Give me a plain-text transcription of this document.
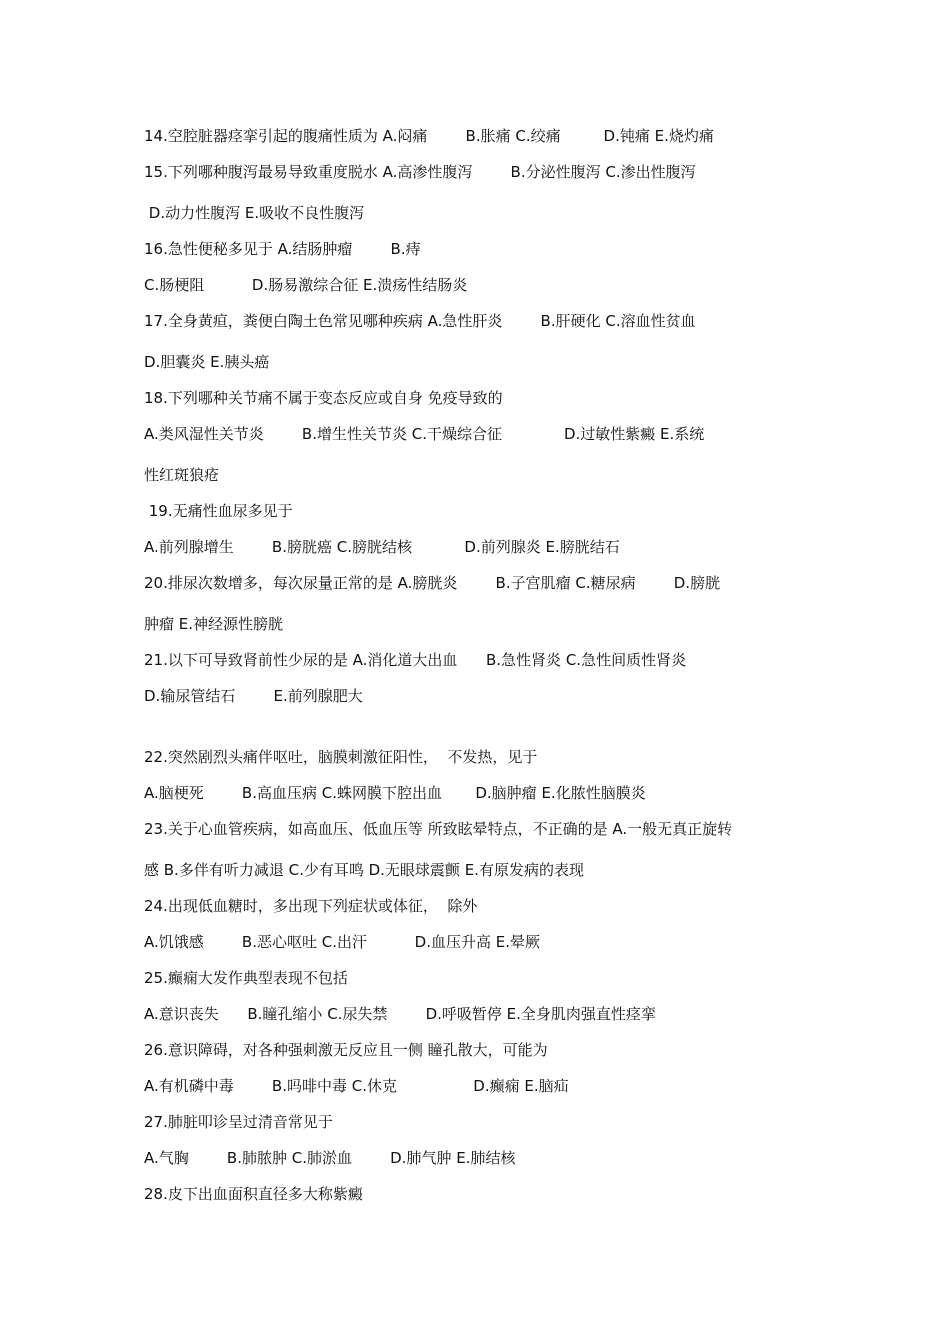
14.空腔脏器痉挛引起的腹痛性质为 A.闷痛        B.胀痛 C.绞痛         D.钝痛 E.烧灼痛
15.下列哪种腹泻最易导致重度脱水 A.高渗性腹泻        B.分泌性腹泻 C.渗出性腹泻
D.动力性腹泻 E.吸收不良性腹泻
16.急性便秘多见于 A.结肠肿瘤        B.痔
C.肠梗阻          D.肠易激综合征 E.溃疡性结肠炎
17.全身黄疸，粪便白陶土色常见哪种疾病 A.急性肝炎        B.肝硬化 C.溶血性贫血
D.胆囊炎 E.胰头癌
18.下列哪种关节痛不属于变态反应或自身 免疫导致的
A.类风湿性关节炎        B.增生性关节炎 C.干燥综合征             D.过敏性紫癜 E.系统
性红斑狼疮
19.无痛性血尿多见于
A.前列腺增生        B.膀胱癌 C.膀胱结核           D.前列腺炎 E.膀胱结石
20.排尿次数增多，每次尿量正常的是 A.膀胱炎        B.子宫肌瘤 C.糖尿病        D.膀胱
肿瘤 E.神经源性膀胱
21.以下可导致肾前性少尿的是 A.消化道大出血      B.急性肾炎 C.急性间质性肾炎
D.输尿管结石        E.前列腺肥大
22.突然剧烈头痛伴呕吐，脑膜刺激征阳性，  不发热，见于
A.脑梗死        B.高血压病 C.蛛网膜下腔出血       D.脑肿瘤 E.化脓性脑膜炎
23.关于心血管疾病，如高血压、低血压等 所致眩晕特点，不正确的是 A.一般无真正旋转
感 B.多伴有听力减退 C.少有耳鸣 D.无眼球震颤 E.有原发病的表现
24.出现低血糖时，多出现下列症状或体征，  除外
A.饥饿感        B.恶心呕吐 C.出汗          D.血压升高 E.晕厥
25.癫痫大发作典型表现不包括
A.意识丧失      B.瞳孔缩小 C.尿失禁        D.呼吸暂停 E.全身肌肉强直性痉挛
26.意识障碍，对各种强刺激无反应且一侧 瞳孔散大，可能为
A.有机磷中毒        B.吗啡中毒 C.休克                D.癫痫 E.脑疝
27.肺脏叩诊呈过清音常见于
A.气胸        B.肺脓肿 C.肺淤血        D.肺气肿 E.肺结核
28.皮下出血面积直径多大称紫癜
